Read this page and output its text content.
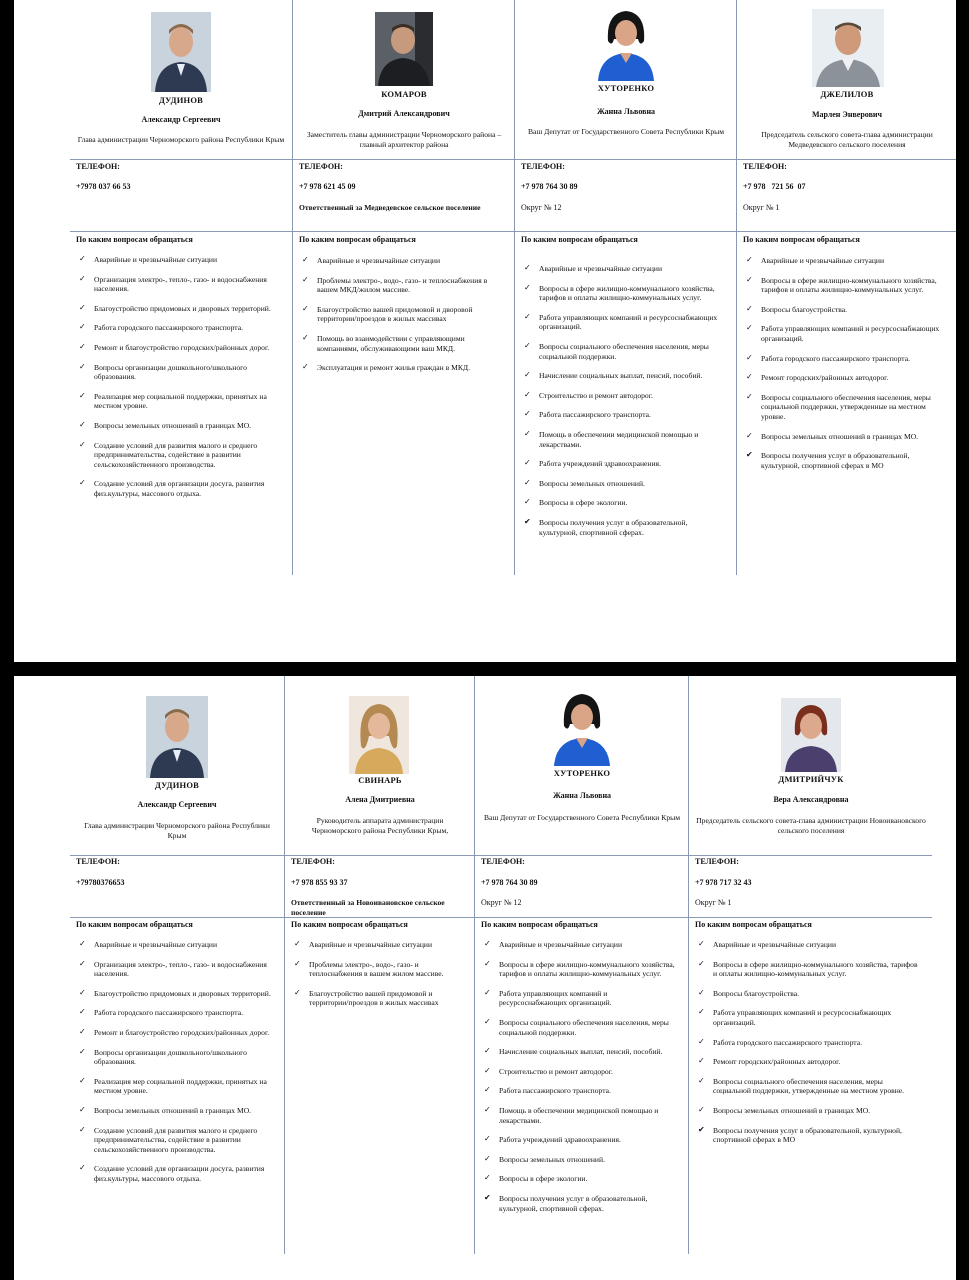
ДУДИНОВ
Александр Сергеевич
Глава администрации Черноморского района Республики Крым
ТЕЛЕФОН:
+7978 037 66 53
По каким вопросам обращаться
✓ Аварийные и чрезвычайные ситуации
✓ Организация электро-, тепло-, газо- и водоснабжения населения.
✓ Благоустройство придомовых и дворовых территорий.
✓ Работа городского пассажирского транспорта.
✓ Ремонт и благоустройство городских/районных дорог.
✓ Вопросы организации дошкольного/школьного образования.
✓ Реализация мер социальной поддержки, принятых на местном уровне.
✓ Вопросы земельных отношений в границах МО.
✓ Создание условий для развития малого и среднего предпринимательства, содействие в развитии сельскохозяйственного производства.
✓ Создание условий для организации досуга, развития физ.культуры, массового отдыха.
КОМАРОВ
Дмитрий Александрович
Заместитель главы администрации Черноморского района – главный архитектор района
ТЕЛЕФОН:
+7 978 621 45 09
Ответственный за Медведевское сельское поселение
По каким вопросам обращаться
✓ Аварийные и чрезвычайные ситуации
✓ Проблемы электро-, водо-, газо- и теплоснабжения в вашем МКД/жилом массиве.
✓ Благоустройство вашей придомовой и дворовой территории/проездов в жилых массивах
✓ Помощь во взаимодействии с управляющими компаниями, обслуживающими ваш МКД.
✓ Эксплуатация и ремонт жилья граждан в МКД.
ХУТОРЕНКО
Жанна Львовна
Ваш Депутат от Государственного Совета Республики Крым
ТЕЛЕФОН:
+7 978 764 30 89
Округ № 12
По каким вопросам обращаться
✓ Аварийные и чрезвычайные ситуации
✓ Вопросы в сфере жилищно-коммунального хозяйства, тарифов и оплаты жилищно-коммунальных услуг.
✓ Работа управляющих компаний и ресурсоснабжающих организаций.
✓ Вопросы социального обеспечения населения, меры социальной поддержки.
✓ Начисление социальных выплат, пенсий, пособий.
✓ Строительство и ремонт автодорог.
✓ Работа пассажирского транспорта.
✓ Помощь в обеспечении медицинской помощью и лекарствами.
✓ Работа учреждений здравоохранения.
✓ Вопросы земельных отношений.
✓ Вопросы в сфере экологии.
✔ Вопросы получения услуг в образовательной, культурной, спортивной сферах.
ДЖЕЛИЛОВ
Марлен Энверович
Председатель сельского совета-глава администрации Медведевского сельского поселения
ТЕЛЕФОН:
+7 978   721 56  07
Округ № 1
По каким вопросам обращаться
✓ Аварийные и чрезвычайные ситуации
✓ Вопросы в сфере жилищно-коммунального хозяйства, тарифов и оплаты жилищно-коммунальных услуг.
✓ Вопросы благоустройства.
✓ Работа управляющих компаний и ресурсоснабжающих организаций.
✓ Работа городского пассажирского транспорта.
✓ Ремонт городских/районных автодорог.
✓ Вопросы социального обеспечения населения, меры социальной поддержки, утвержденные на местном уровне.
✓ Вопросы земельных отношений в границах МО.
✔ Вопросы получения услуг в образовательной, культурной, спортивной сферах в МО
ДУДИНОВ
Александр Сергеевич
Глава администрации Черноморского района Республики Крым
ТЕЛЕФОН:
+79780376653
По каким вопросам обращаться
✓ Аварийные и чрезвычайные ситуации
✓ Организация электро-, тепло-, газо- и водоснабжения населения.
✓ Благоустройство придомовых и дворовых территорий.
✓ Работа городского пассажирского транспорта.
✓ Ремонт и благоустройство городских/районных дорог.
✓ Вопросы организации дошкольного/школьного образования.
✓ Реализация мер социальной поддержки, принятых на местном уровне.
✓ Вопросы земельных отношений в границах МО.
✓ Создание условий для развития малого и среднего предпринимательства, содействие в развитии сельскохозяйственного производства.
✓ Создание условий для организации досуга, развития физ.культуры, массового отдыха.
СВИНАРЬ
Алена Дмитриевна
Руководитель аппарата администрации Черноморского района Республики Крым,
ТЕЛЕФОН:
+7 978 855 93 37
Ответственный за Новоивановское сельское поселение
По каким вопросам обращаться
✓ Аварийные и чрезвычайные ситуации
✓ Проблемы электро-, водо-, газо- и теплоснабжения в вашем жилом массиве.
✓ Благоустройство вашей придомовой и территории/проездов в жилых массивах
ХУТОРЕНКО
Жанна Львовна
Ваш Депутат от Государственного Совета Республики Крым
ТЕЛЕФОН:
+7 978 764 30 89
Округ № 12
По каким вопросам обращаться
✓ Аварийные и чрезвычайные ситуации
✓ Вопросы в сфере жилищно-коммунального хозяйства, тарифов и оплаты жилищно-коммунальных услуг.
✓ Работа управляющих компаний и ресурсоснабжающих организаций.
✓ Вопросы социального обеспечения населения, меры социальной поддержки.
✓ Начисление социальных выплат, пенсий, пособий.
✓ Строительство и ремонт автодорог.
✓ Работа пассажирского транспорта.
✓ Помощь в обеспечении медицинской помощью и лекарствами.
✓ Работа учреждений здравоохранения.
✓ Вопросы земельных отношений.
✓ Вопросы в сфере экологии.
✔ Вопросы получения услуг в образовательной, культурной, спортивной сферах.
ДМИТРИЙЧУК
Вера Александровна
Председатель сельского совета-глава администрации Новоивановского сельского поселения
ТЕЛЕФОН:
+7 978 717 32 43
Округ № 1
По каким вопросам обращаться
✓ Аварийные и чрезвычайные ситуации
✓ Вопросы в сфере жилищно-коммунального хозяйства, тарифов и оплаты жилищно-коммунальных услуг.
✓ Вопросы благоустройства.
✓ Работа управляющих компаний и ресурсоснабжающих организаций.
✓ Работа городского пассажирского транспорта.
✓ Ремонт городских/районных автодорог.
✓ Вопросы социального обеспечения населения, меры социальной поддержки, утвержденные на местном уровне.
✓ Вопросы земельных отношений в границах МО.
✔ Вопросы получения услуг в образовательной, культурной, спортивной сферах в МО
